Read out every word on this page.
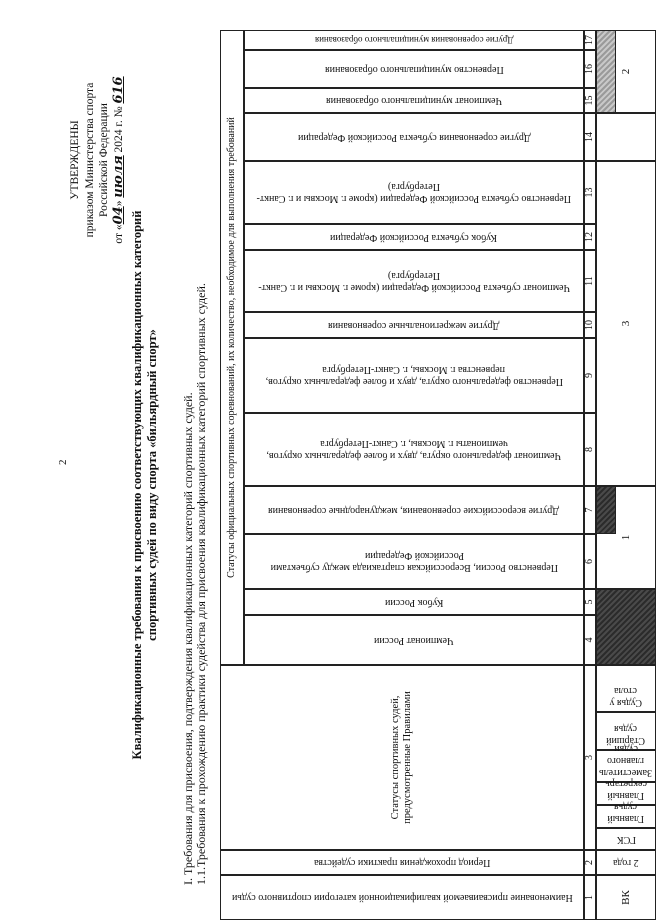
2
УТВЕРЖДЕНЫ приказом Министерства спорта Российской Федерации
от «04» июля 2024 г. № 616
Квалификационные требования к присвоению соответствующих квалификационных категорий спортивных судей по виду спорта «бильярдный спорт» I. Требования для присвоения, подтверждения квалификационных категорий спортивных судей. 1.1.Требования к прохождению практики судейства для присвоения квалификационных категорий спортивных судей.
Наименование присваиваемой квалификационной категории спортивного судьи
Период прохождения практики судейства
Статусы спортивных судей, предусмотренные Правилами
Статусы официальных спортивных соревнований, их количество, необходимое для выполнения требований
Чемпионат России
Кубок России
Первенство России, Всероссийская спартакиада между субъектами Российской Федерации
Другие всероссийские соревнования, международные соревнования
Чемпионат федерального округа, двух и более федеральных округов, чемпионаты г. Москвы, г. Санкт-Петербурга
Первенство федерального округа, двух и более федеральных округов, первенства г. Москвы, г. Санкт-Петербурга
Другие межрегиональные соревнования
Чемпионат субъекта Российской Федерации (кроме г. Москвы и г. Санкт-Петербурга)
Кубок субъекта Российской Федерации
Первенство субъекта Российской Федерации (кроме г. Москвы и г. Санкт-Петербурга)
Другие соревнования субъекта Российской Федерации
Чемпионат муниципального образования
Первенство муниципального образования
Другие соревнования муниципального образования
1
2
3
4
5
6
7
8
9
10
11
12
13
14
15
16
17
ВК
2 года
ГСК
Главный судья
Главный секретарь
Заместитель главного судьи
Старший судья
Судья у стола
1
3
2
